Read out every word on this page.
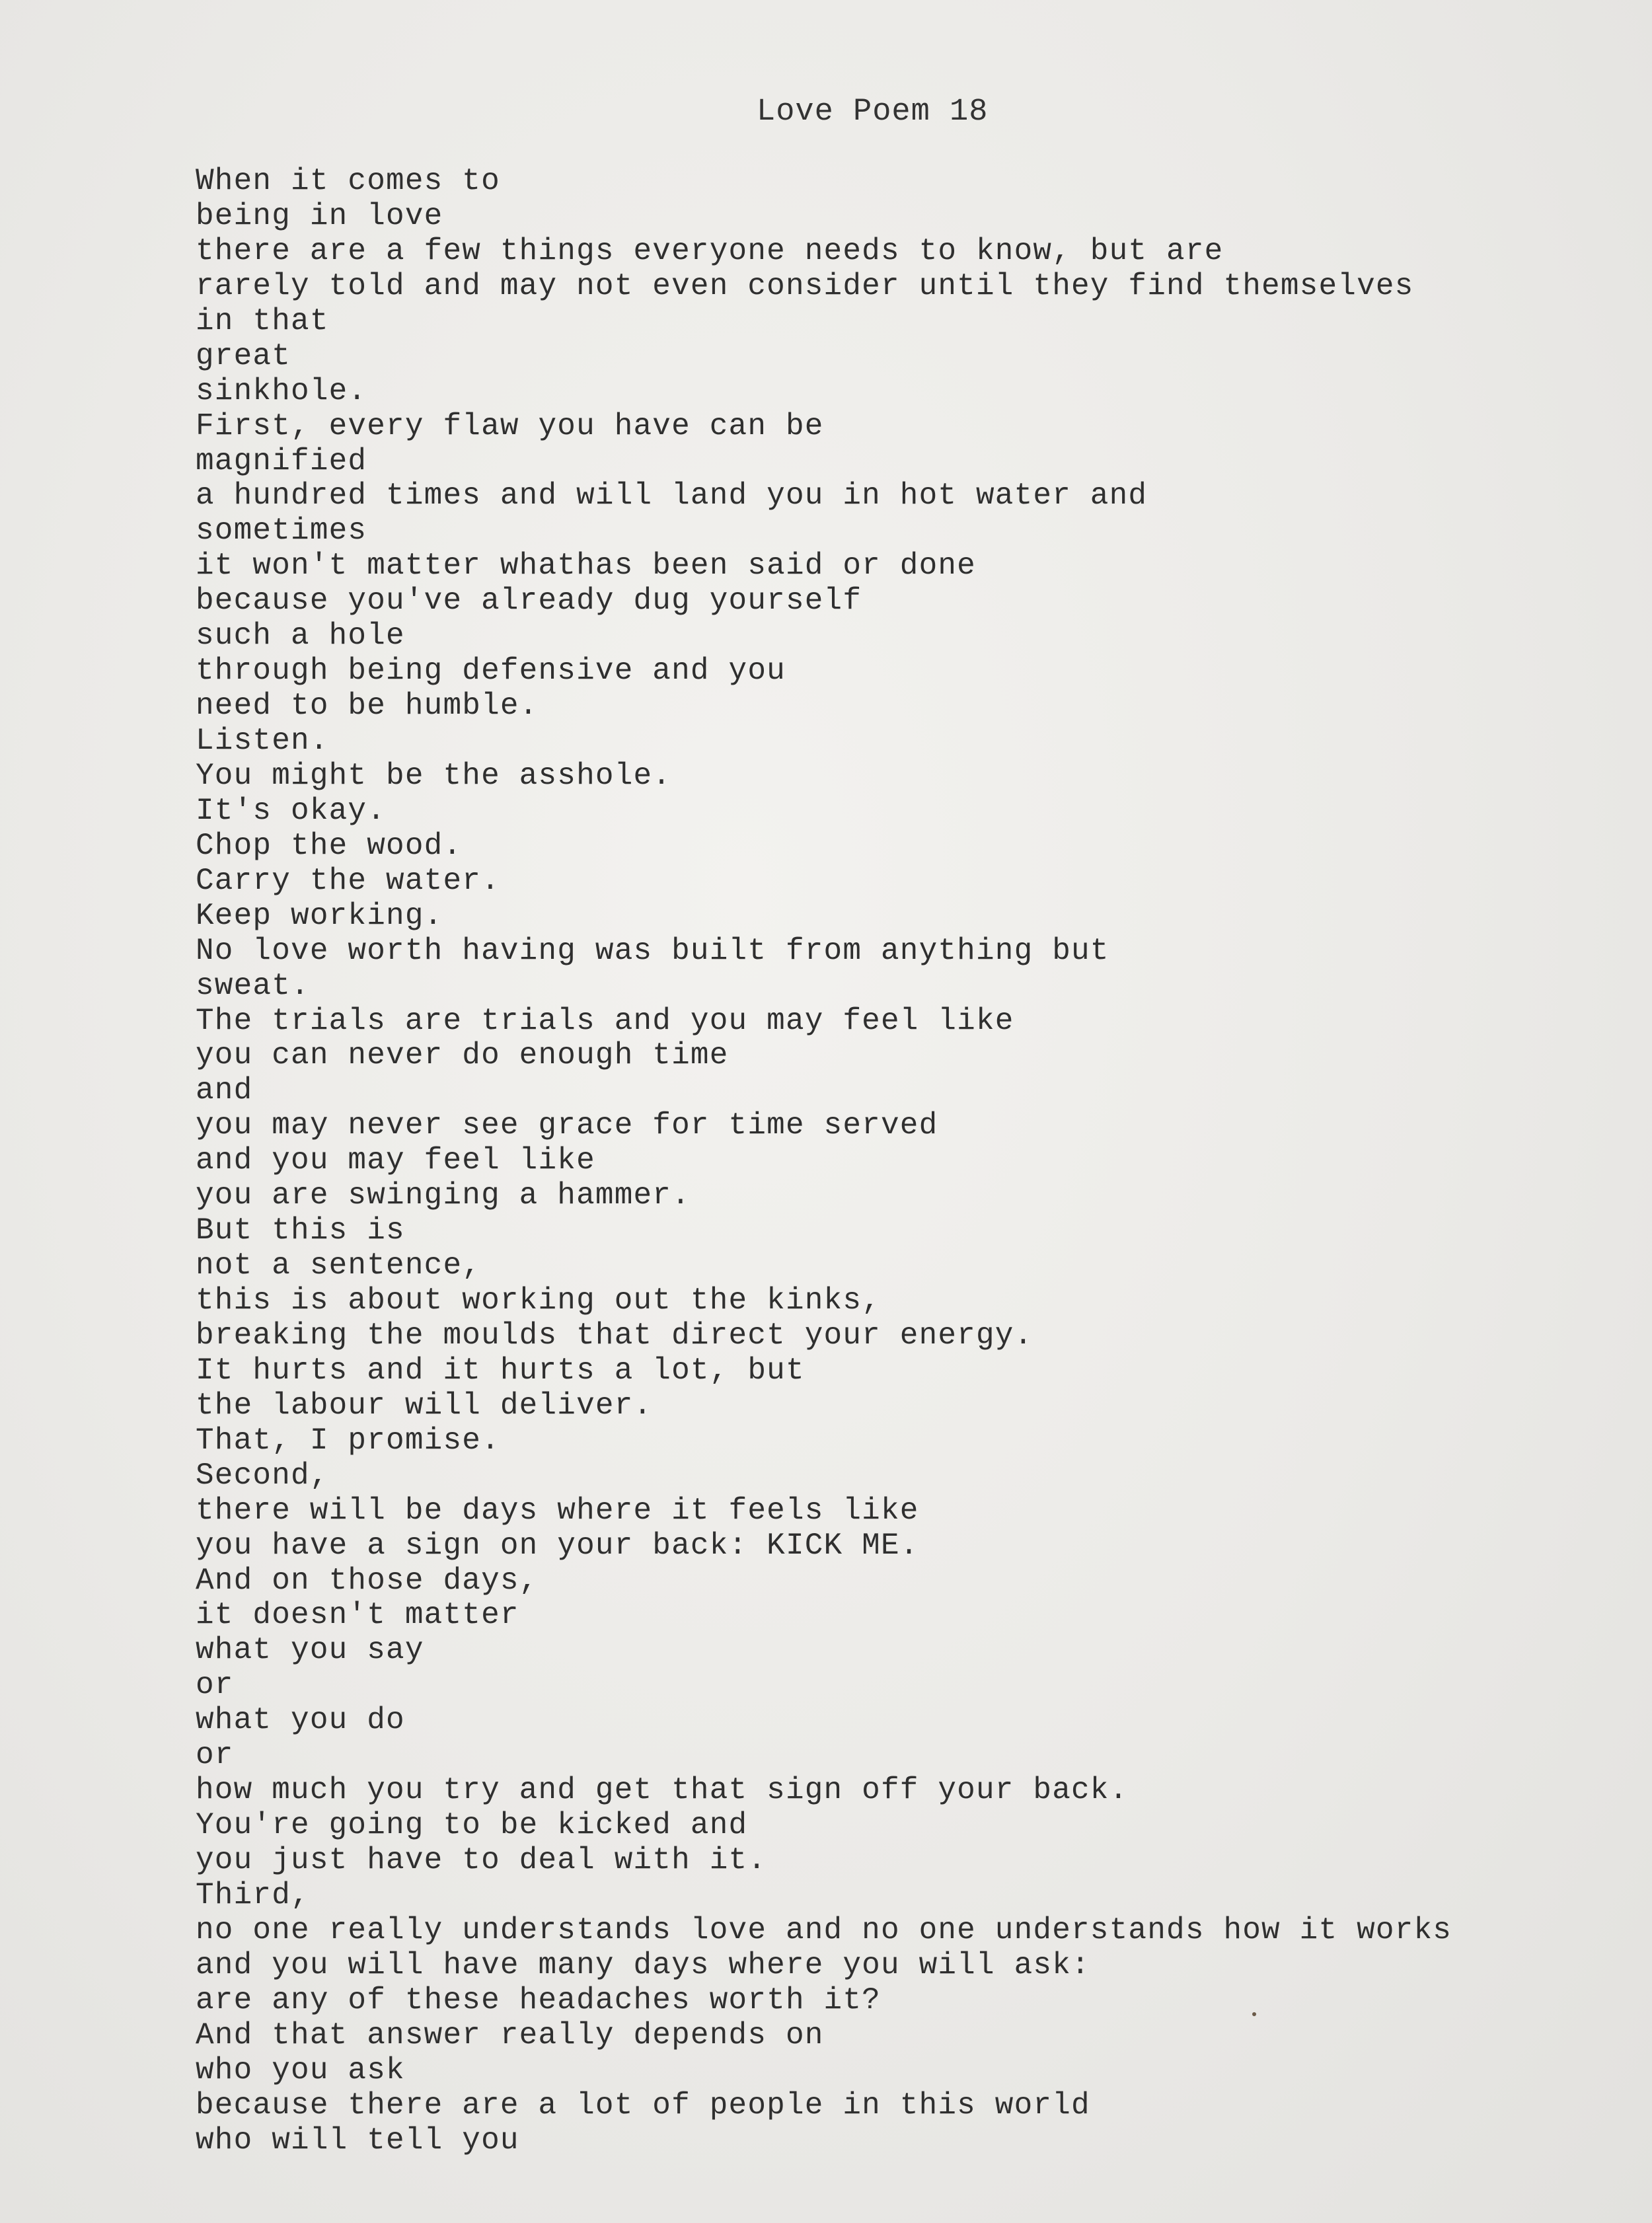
Love Poem 18
When it comes to
being in love
there are a few things everyone needs to know, but are
rarely told and may not even consider until they find themselves
in that
great
sinkhole.
First, every flaw you have can be
magnified
a hundred times and will land you in hot water and
sometimes
it won't matter whathas been said or done
because you've already dug yourself
such a hole
through being defensive and you
need to be humble.
Listen.
You might be the asshole.
It's okay.
Chop the wood.
Carry the water.
Keep working.
No love worth having was built from anything but
sweat.
The trials are trials and you may feel like
you can never do enough time
and
you may never see grace for time served
and you may feel like
you are swinging a hammer.
But this is
not a sentence,
this is about working out the kinks,
breaking the moulds that direct your energy.
It hurts and it hurts a lot, but
the labour will deliver.
That, I promise.
Second,
there will be days where it feels like
you have a sign on your back: KICK ME.
And on those days,
it doesn't matter
what you say
or
what you do
or
how much you try and get that sign off your back.
You're going to be kicked and
you just have to deal with it.
Third,
no one really understands love and no one understands how it works
and you will have many days where you will ask:
are any of these headaches worth it?
And that answer really depends on
who you ask
because there are a lot of people in this world
who will tell you
